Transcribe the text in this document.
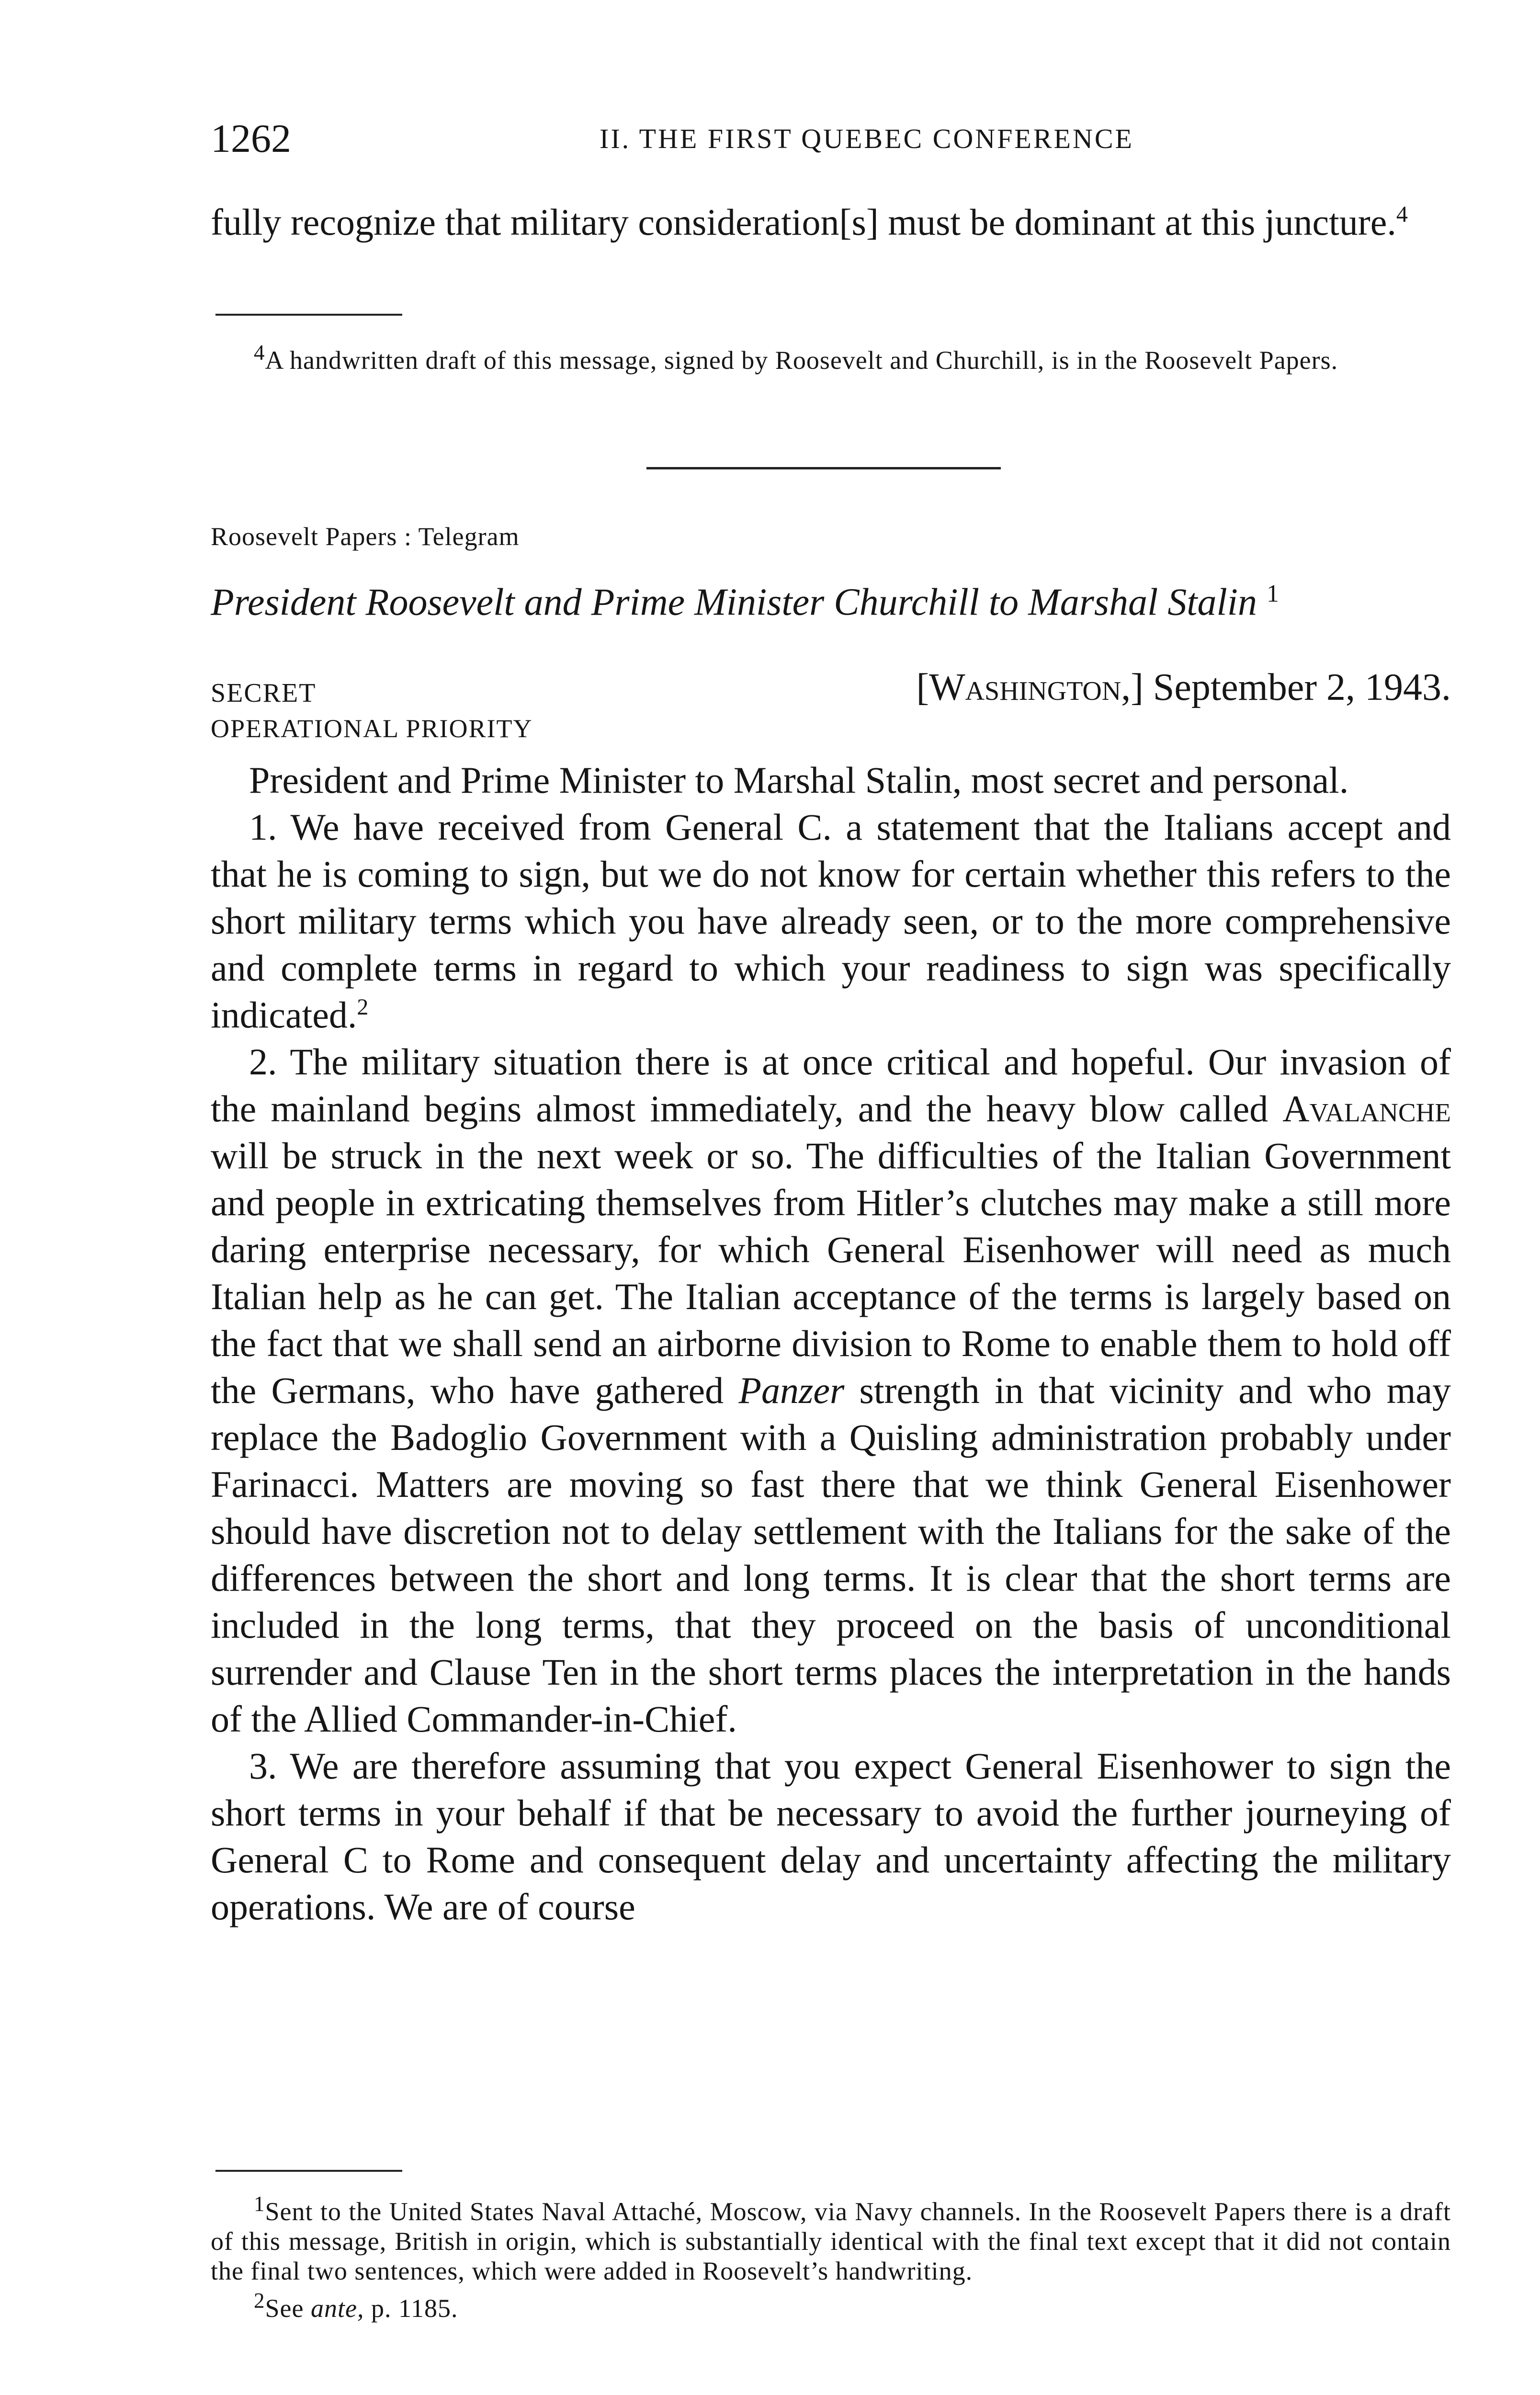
1262	II. THE FIRST QUEBEC CONFERENCE
fully recognize that military consideration[s] must be dominant at this juncture.$^4$

$^4$A handwritten draft of this message, signed by Roosevelt and Churchill, is in the Roosevelt Papers.

Roosevelt Papers : Telegram
President Roosevelt and Prime Minister Churchill to Marshal Stalin $^1$
SECRET	[Washington,] September 2, 1943.
OPERATIONAL PRIORITY

President and Prime Minister to Marshal Stalin, most secret and personal.

1. We have received from General C. a statement that the Italians accept and that he is coming to sign, but we do not know for certain whether this refers to the short military terms which you have already seen, or to the more comprehensive and complete terms in regard to which your readiness to sign was specifically indicated.$^2$

2. The military situation there is at once critical and hopeful. Our invasion of the mainland begins almost immediately, and the heavy blow called Avalanche will be struck in the next week or so. The difficulties of the Italian Government and people in extricating themselves from Hitler’s clutches may make a still more daring enterprise necessary, for which General Eisenhower will need as much Italian help as he can get. The Italian acceptance of the terms is largely based on the fact that we shall send an airborne division to Rome to enable them to hold off the Germans, who have gathered Panzer strength in that vicinity and who may replace the Badoglio Government with a Quisling administration probably under Farinacci. Matters are moving so fast there that we think General Eisenhower should have discretion not to delay settlement with the Italians for the sake of the differences between the short and long terms. It is clear that the short terms are included in the long terms, that they proceed on the basis of unconditional surrender and Clause Ten in the short terms places the interpretation in the hands of the Allied Commander-in-Chief.

3. We are therefore assuming that you expect General Eisenhower to sign the short terms in your behalf if that be necessary to avoid the further journeying of General C to Rome and consequent delay and uncertainty affecting the military operations. We are of course

$^1$Sent to the United States Naval Attaché, Moscow, via Navy channels. In the Roosevelt Papers there is a draft of this message, British in origin, which is substantially identical with the final text except that it did not contain the final two sentences, which were added in Roosevelt’s handwriting.

$^2$See ante, p. 1185.
